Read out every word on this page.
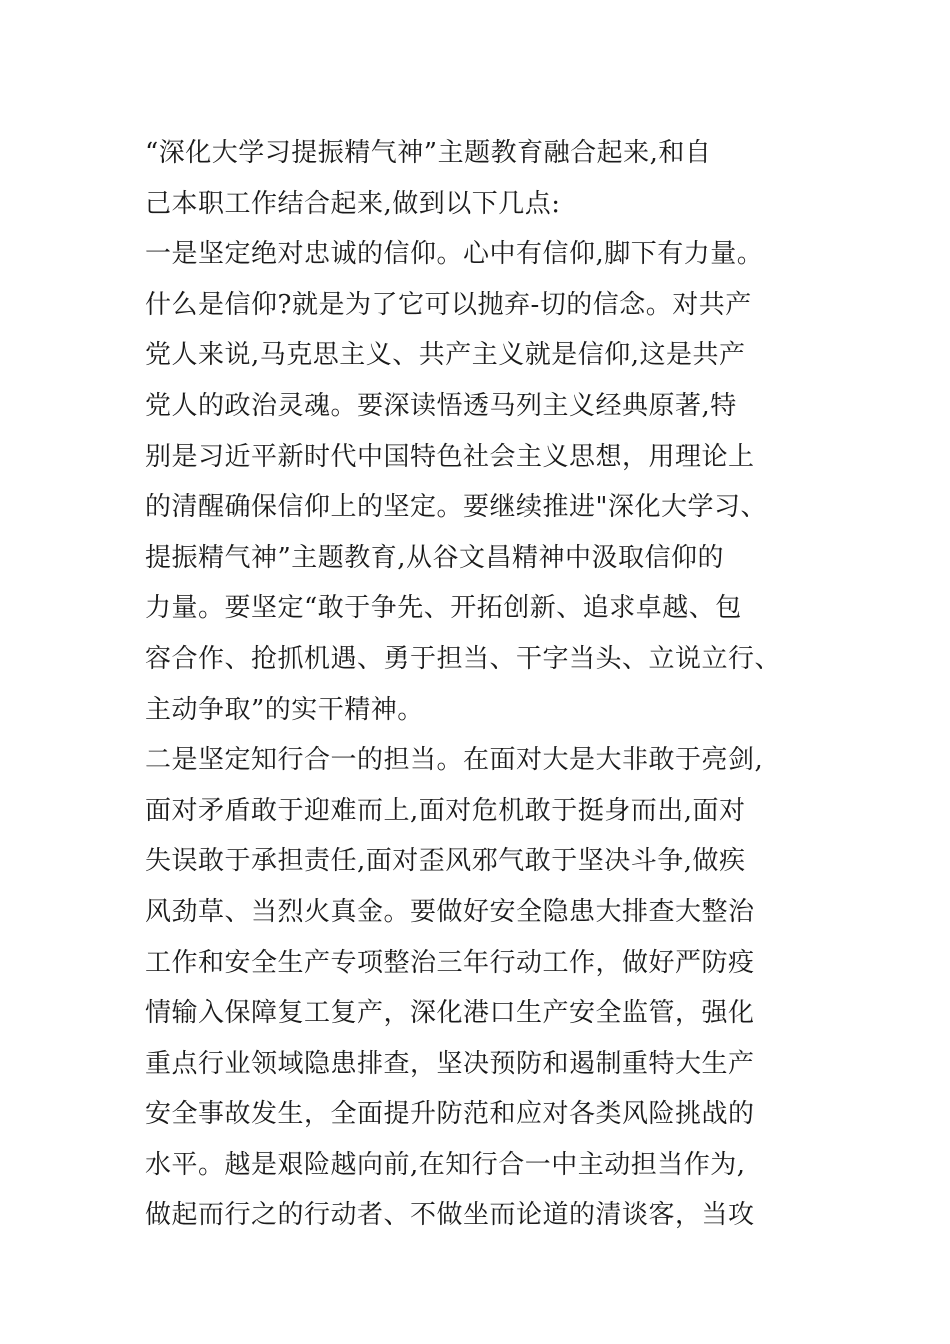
“深化大学习提振精气神”主题教育融合起来,和自
己本职工作结合起来,做到以下几点:
一是坚定绝对忠诚的信仰。心中有信仰,脚下有力量。
什么是信仰?就是为了它可以抛弃-切的信念。对共产
党人来说,马克思主义、共产主义就是信仰,这是共产
党人的政治灵魂。要深读悟透马列主义经典原著,特
别是习近平新时代中国特色社会主义思想，用理论上
的清醒确保信仰上的坚定。要继续推进"深化大学习、
提振精气神”主题教育,从谷文昌精神中汲取信仰的
力量。要坚定“敢于争先、开拓创新、追求卓越、包
容合作、抢抓机遇、勇于担当、干字当头、立说立行、
主动争取”的实干精神。
二是坚定知行合一的担当。在面对大是大非敢于亮剑,
面对矛盾敢于迎难而上,面对危机敢于挺身而出,面对
失误敢于承担责任,面对歪风邪气敢于坚决斗争,做疾
风劲草、当烈火真金。要做好安全隐患大排查大整治
工作和安全生产专项整治三年行动工作，做好严防疫
情输入保障复工复产，深化港口生产安全监管，强化
重点行业领域隐患排查，坚决预防和遏制重特大生产
安全事故发生，全面提升防范和应对各类风险挑战的
水平。越是艰险越向前,在知行合一中主动担当作为,
做起而行之的行动者、不做坐而论道的清谈客，当攻
